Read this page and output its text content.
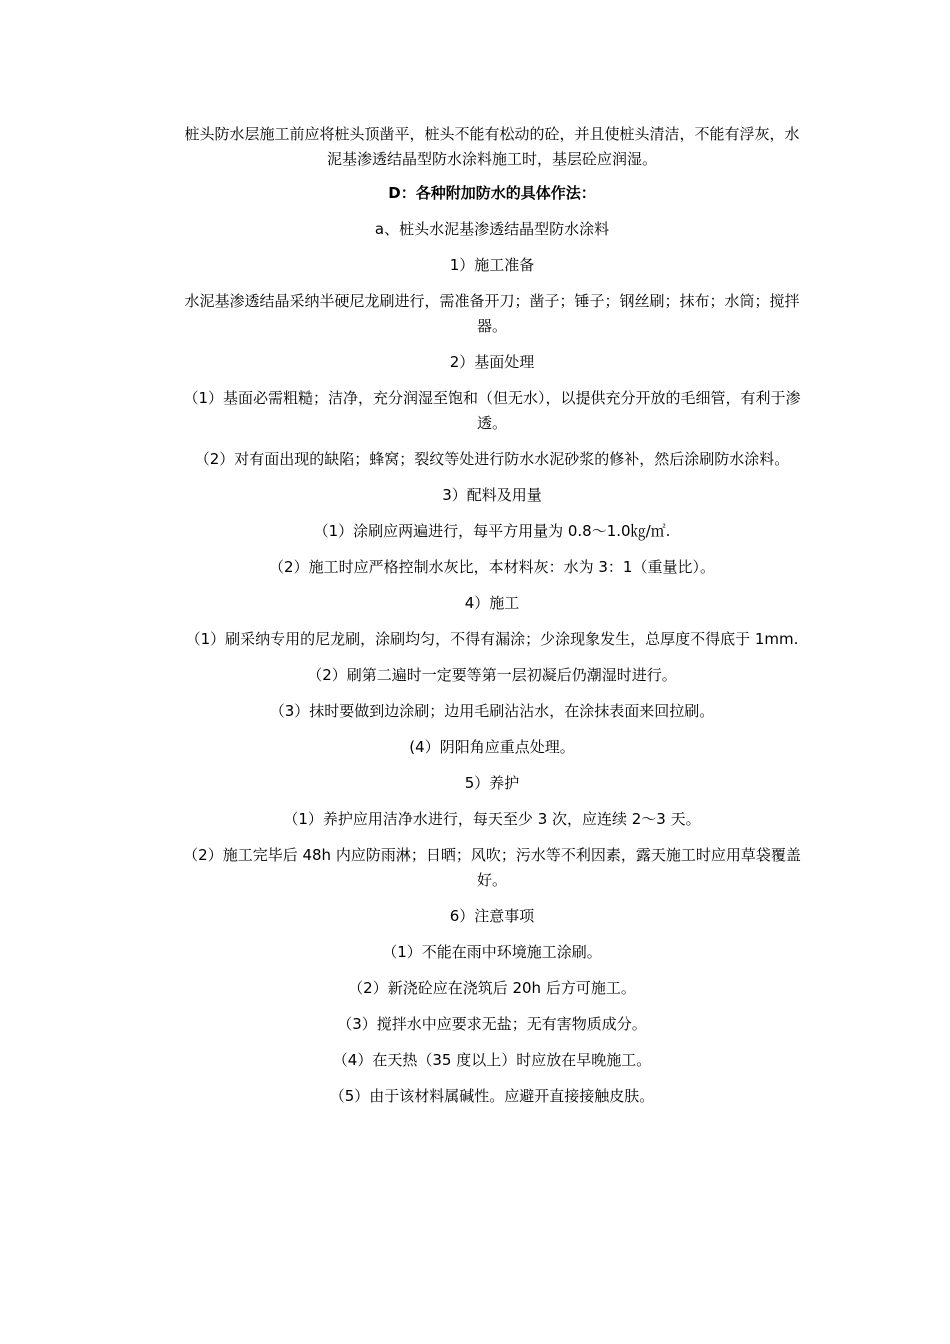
桩头防水层施工前应将桩头顶凿平，桩头不能有松动的砼，并且使桩头清洁，不能有浮灰，水泥基渗透结晶型防水涂料施工时，基层砼应润湿。

D：各种附加防水的具体作法：

a、桩头水泥基渗透结晶型防水涂料

1）施工准备

水泥基渗透结晶采纳半硬尼龙刷进行，需准备开刀；凿子；锤子；钢丝刷；抹布；水筒；搅拌器。

2）基面处理

（1）基面必需粗糙；洁净，充分润湿至饱和（但无水），以提供充分开放的毛细管，有利于渗透。

（2）对有面出现的缺陷；蜂窝；裂纹等处进行防水水泥砂浆的修补，然后涂刷防水涂料。

3）配料及用量

（1）涂刷应两遍进行，每平方用量为 0.8～1.0㎏/㎡.

（2）施工时应严格控制水灰比，本材料灰：水为 3：1（重量比）。

4）施工

（1）刷采纳专用的尼龙刷，涂刷均匀，不得有漏涂；少涂现象发生，总厚度不得底于 1mm.

（2）刷第二遍时一定要等第一层初凝后仍潮湿时进行。

（3）抹时要做到边涂刷；边用毛刷沾沾水，在涂抹表面来回拉刷。

(4）阴阳角应重点处理。

5）养护

（1）养护应用洁净水进行，每天至少 3 次，应连续 2～3 天。

（2）施工完毕后 48h 内应防雨淋；日晒；风吹；污水等不利因素，露天施工时应用草袋覆盖好。

6）注意事项

（1）不能在雨中环境施工涂刷。

（2）新浇砼应在浇筑后 20h 后方可施工。

（3）搅拌水中应要求无盐；无有害物质成分。

（4）在天热（35 度以上）时应放在早晚施工。

（5）由于该材料属碱性。应避开直接接触皮肤。
